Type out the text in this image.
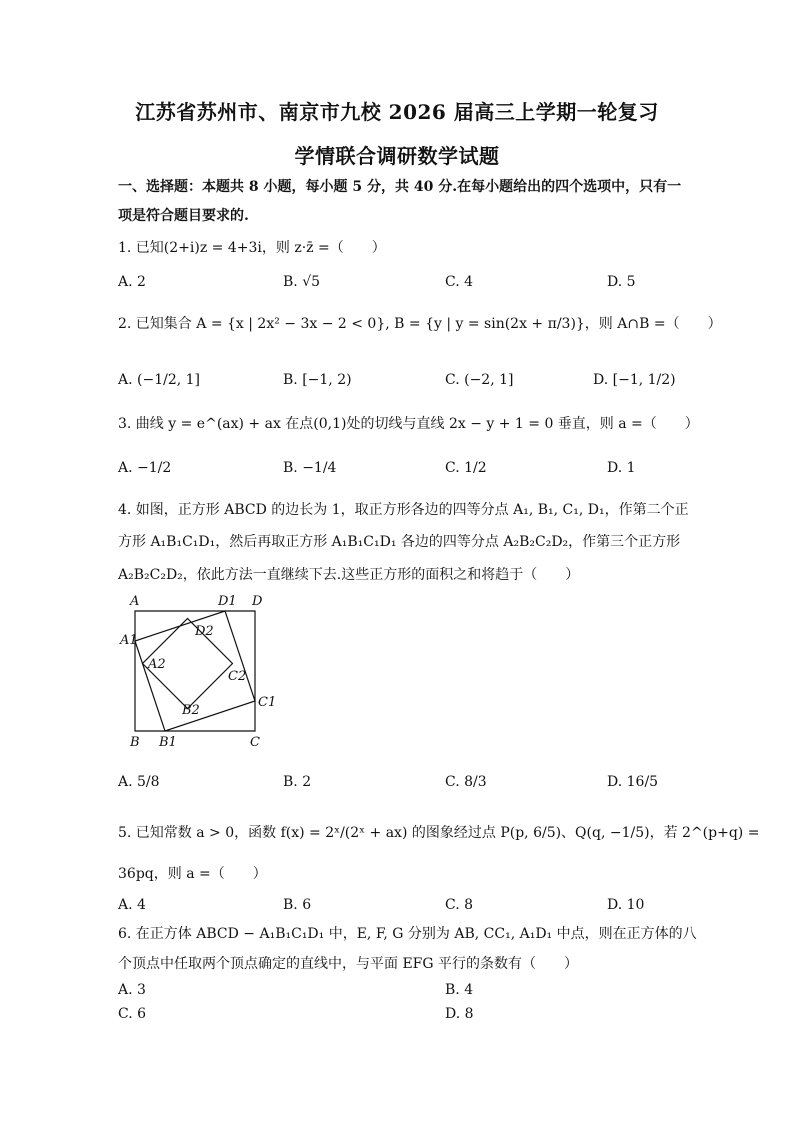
江苏省苏州市、南京市九校 2026 届高三上学期一轮复习
学情联合调研数学试题
一、选择题：本题共 8 小题，每小题 5 分，共 40 分.在每小题给出的四个选项中，只有一
项是符合题目要求的.
1. 已知(2+i)z = 4+3i，则 z·z̄ =（　　）
A. 2	B. √5	C. 4	D. 5
2. 已知集合 A = {x | 2x² − 3x − 2 < 0}, B = {y | y = sin(2x + π/3)}，则 A∩B =（　　）
A. (−1/2, 1]	B. [−1, 2)	C. (−2, 1]	D. [−1, 1/2)
3. 曲线 y = e^(ax) + ax 在点(0,1)处的切线与直线 2x − y + 1 = 0 垂直，则 a =（　　）
A. −1/2	B. −1/4	C. 1/2	D. 1
4. 如图，正方形 ABCD 的边长为 1，取正方形各边的四等分点 A₁, B₁, C₁, D₁，作第二个正
方形 A₁B₁C₁D₁，然后再取正方形 A₁B₁C₁D₁ 各边的四等分点 A₂B₂C₂D₂，作第三个正方形
A₂B₂C₂D₂，依此方法一直继续下去.这些正方形的面积之和将趋于（　　）
A	D1 D
A1
D2
A2
C2
C1
B2
B B1	C
A. 5/8	B. 2	C. 8/3	D. 16/5
5. 已知常数 a > 0，函数 f(x) = 2ˣ/(2ˣ + ax) 的图象经过点 P(p, 6/5)、Q(q, −1/5)，若 2^(p+q) =
36pq，则 a =（　　）
A. 4	B. 6	C. 8	D. 10
6. 在正方体 ABCD − A₁B₁C₁D₁ 中，E, F, G 分别为 AB, CC₁, A₁D₁ 中点，则在正方体的八
个顶点中任取两个顶点确定的直线中，与平面 EFG 平行的条数有（　　）
A. 3	B. 4
C. 6	D. 8
